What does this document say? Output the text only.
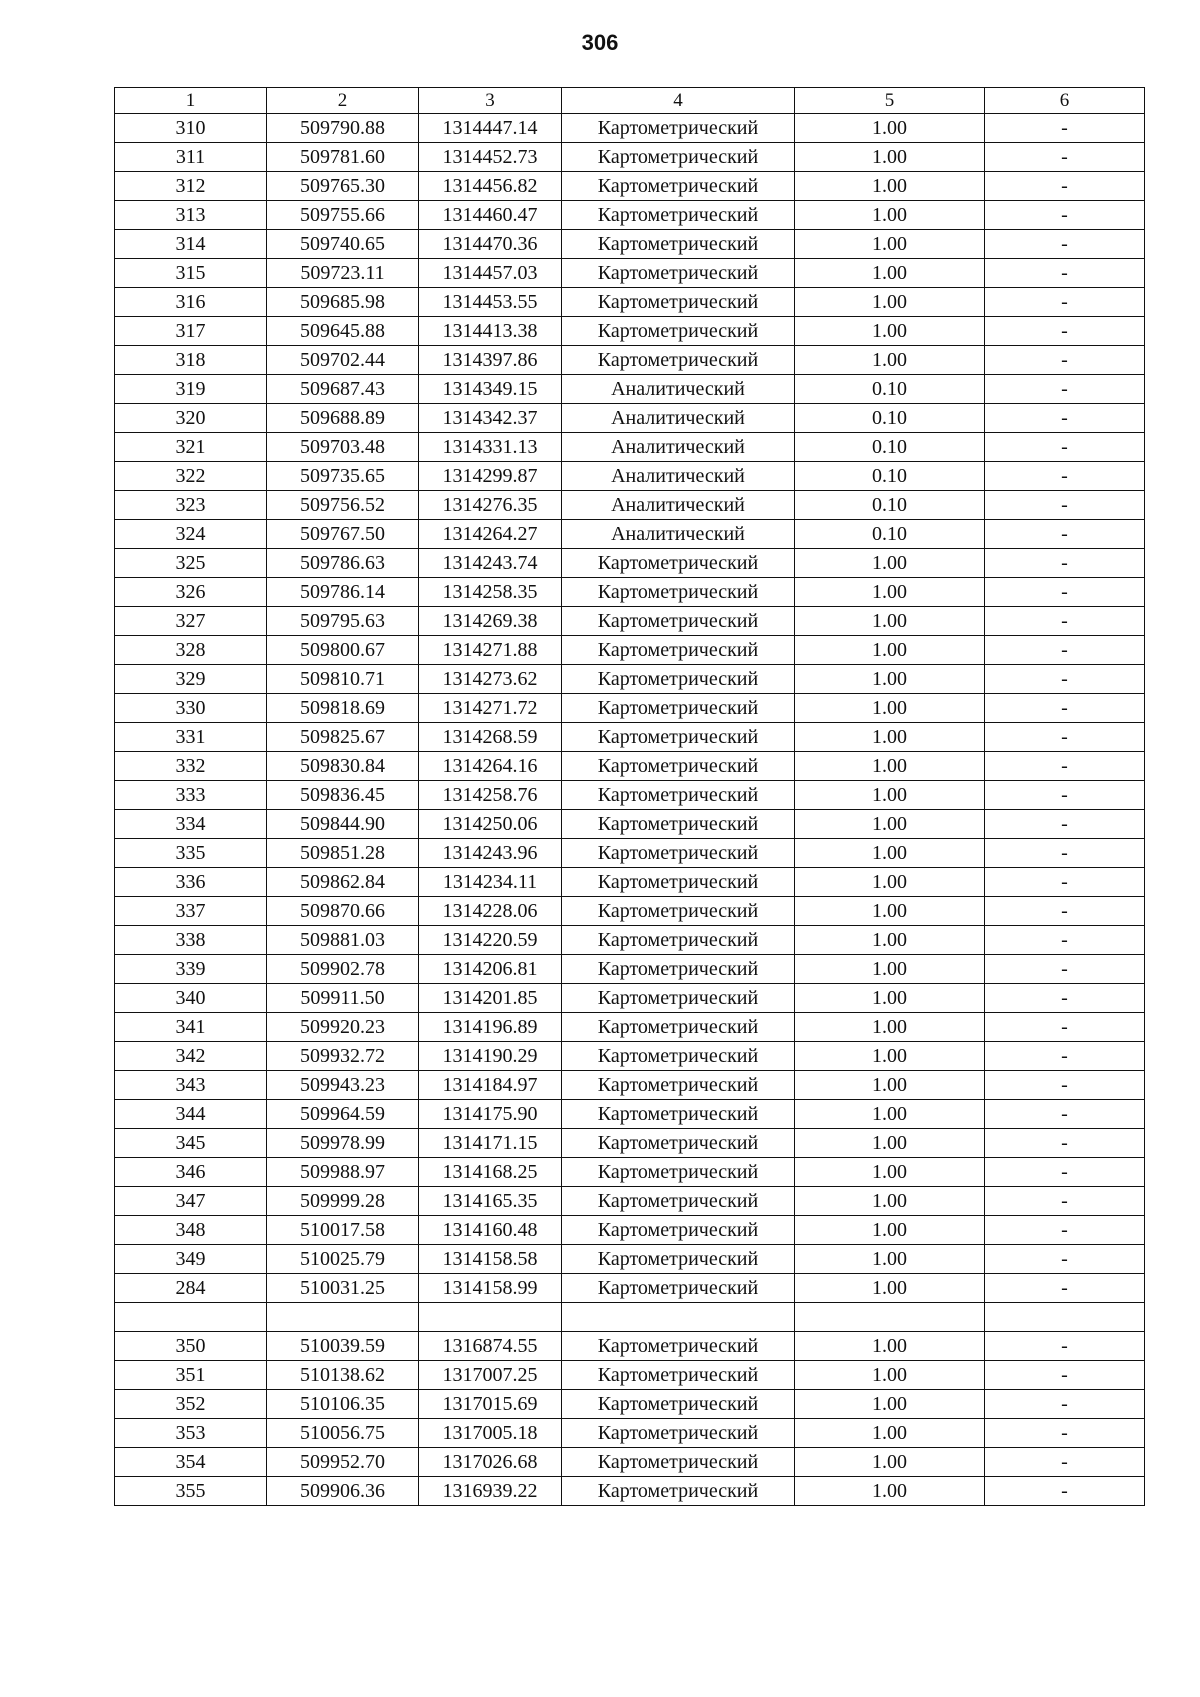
306
1	2	3	4	5	6
310	509790.88	1314447.14	Картометрический	1.00	-
311	509781.60	1314452.73	Картометрический	1.00	-
312	509765.30	1314456.82	Картометрический	1.00	-
313	509755.66	1314460.47	Картометрический	1.00	-
314	509740.65	1314470.36	Картометрический	1.00	-
315	509723.11	1314457.03	Картометрический	1.00	-
316	509685.98	1314453.55	Картометрический	1.00	-
317	509645.88	1314413.38	Картометрический	1.00	-
318	509702.44	1314397.86	Картометрический	1.00	-
319	509687.43	1314349.15	Аналитический	0.10	-
320	509688.89	1314342.37	Аналитический	0.10	-
321	509703.48	1314331.13	Аналитический	0.10	-
322	509735.65	1314299.87	Аналитический	0.10	-
323	509756.52	1314276.35	Аналитический	0.10	-
324	509767.50	1314264.27	Аналитический	0.10	-
325	509786.63	1314243.74	Картометрический	1.00	-
326	509786.14	1314258.35	Картометрический	1.00	-
327	509795.63	1314269.38	Картометрический	1.00	-
328	509800.67	1314271.88	Картометрический	1.00	-
329	509810.71	1314273.62	Картометрический	1.00	-
330	509818.69	1314271.72	Картометрический	1.00	-
331	509825.67	1314268.59	Картометрический	1.00	-
332	509830.84	1314264.16	Картометрический	1.00	-
333	509836.45	1314258.76	Картометрический	1.00	-
334	509844.90	1314250.06	Картометрический	1.00	-
335	509851.28	1314243.96	Картометрический	1.00	-
336	509862.84	1314234.11	Картометрический	1.00	-
337	509870.66	1314228.06	Картометрический	1.00	-
338	509881.03	1314220.59	Картометрический	1.00	-
339	509902.78	1314206.81	Картометрический	1.00	-
340	509911.50	1314201.85	Картометрический	1.00	-
341	509920.23	1314196.89	Картометрический	1.00	-
342	509932.72	1314190.29	Картометрический	1.00	-
343	509943.23	1314184.97	Картометрический	1.00	-
344	509964.59	1314175.90	Картометрический	1.00	-
345	509978.99	1314171.15	Картометрический	1.00	-
346	509988.97	1314168.25	Картометрический	1.00	-
347	509999.28	1314165.35	Картометрический	1.00	-
348	510017.58	1314160.48	Картометрический	1.00	-
349	510025.79	1314158.58	Картометрический	1.00	-
284	510031.25	1314158.99	Картометрический	1.00	-

350	510039.59	1316874.55	Картометрический	1.00	-
351	510138.62	1317007.25	Картометрический	1.00	-
352	510106.35	1317015.69	Картометрический	1.00	-
353	510056.75	1317005.18	Картометрический	1.00	-
354	509952.70	1317026.68	Картометрический	1.00	-
355	509906.36	1316939.22	Картометрический	1.00	-
